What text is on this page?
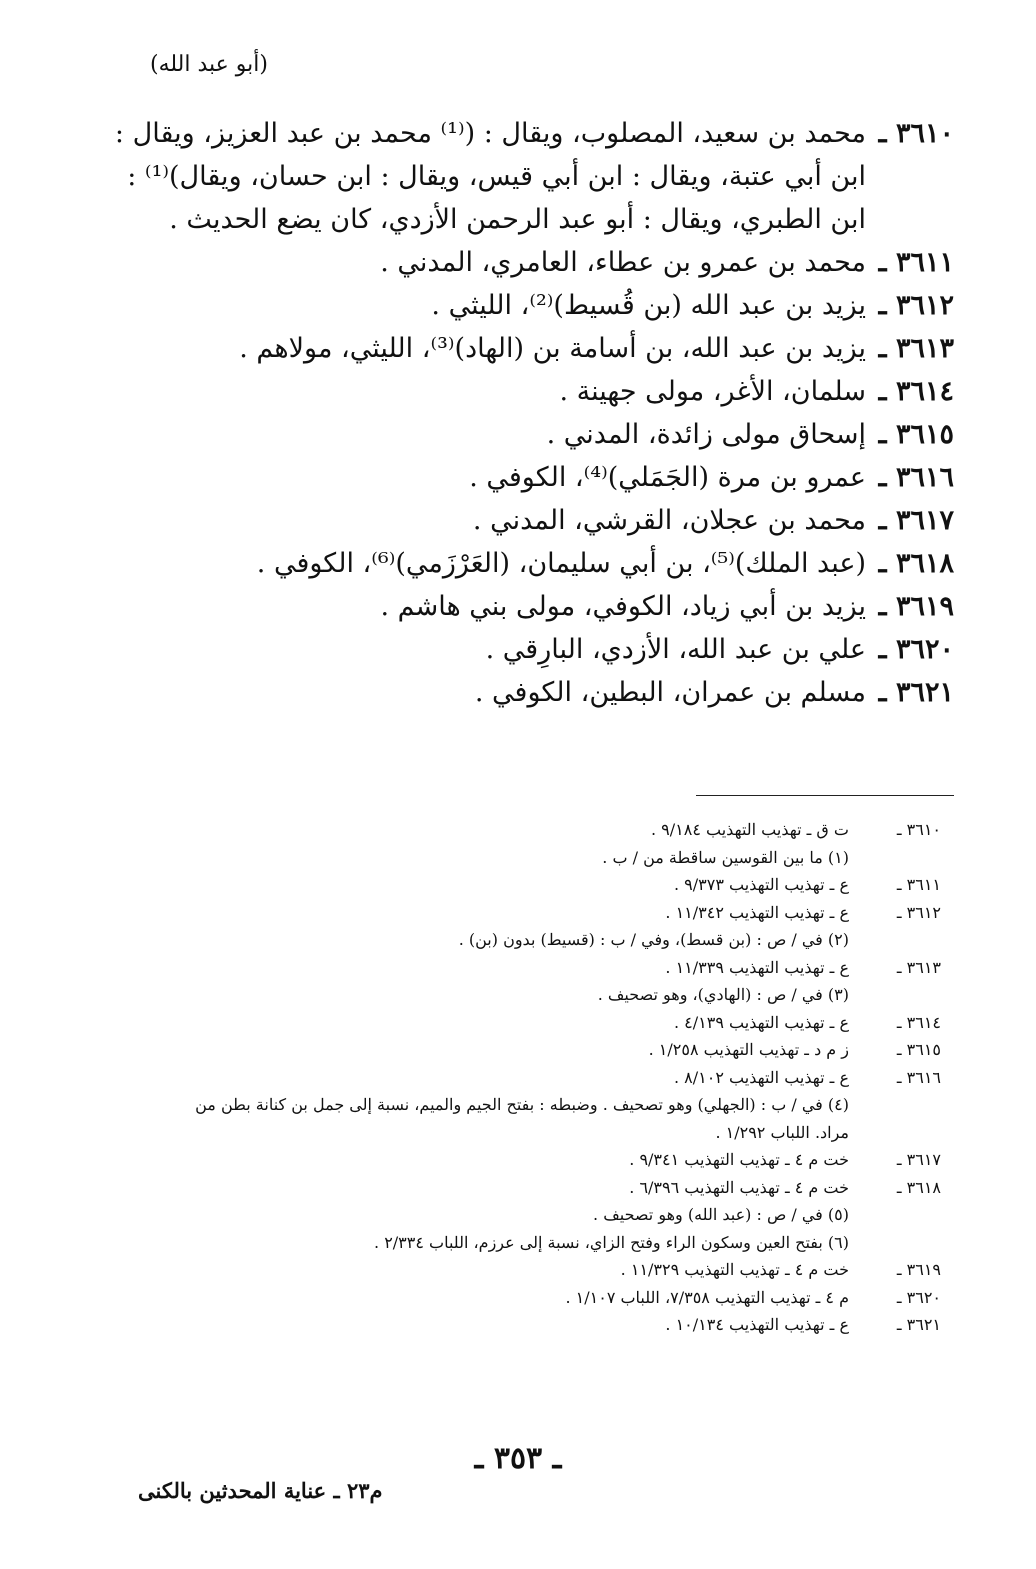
(أبو عبد الله)
٣٦١٠ ـ
محمد بن سعيد، المصلوب، ويقال : (⁽¹⁾ محمد بن عبد العزيز، ويقال :
ابن أبي عتبة، ويقال : ابن أبي قيس، ويقال : ابن حسان، ويقال)⁽¹⁾ :
ابن الطبري، ويقال : أبو عبد الرحمن الأزدي، كان يضع الحديث .
٣٦١١ ـ
محمد بن عمرو بن عطاء، العامري، المدني .
٣٦١٢ ـ
يزيد بن عبد الله (بن قُسيط)⁽²⁾، الليثي .
٣٦١٣ ـ
يزيد بن عبد الله، بن أسامة بن (الهاد)⁽³⁾، الليثي، مولاهم .
٣٦١٤ ـ
سلمان، الأغر، مولى جهينة .
٣٦١٥ ـ
إسحاق مولى زائدة، المدني .
٣٦١٦ ـ
عمرو بن مرة (الجَمَلي)⁽⁴⁾، الكوفي .
٣٦١٧ ـ
محمد بن عجلان، القرشي، المدني .
٣٦١٨ ـ
(عبد الملك)⁽⁵⁾، بن أبي سليمان، (العَرْزَمي)⁽⁶⁾، الكوفي .
٣٦١٩ ـ
يزيد بن أبي زياد، الكوفي، مولى بني هاشم .
٣٦٢٠ ـ
علي بن عبد الله، الأزدي، البارِقي .
٣٦٢١ ـ
مسلم بن عمران، البطين، الكوفي .
٣٦١٠ ـ
ت ق ـ تهذيب التهذيب ٩/١٨٤ .
(١) ما بين القوسين ساقطة من / ب .
٣٦١١ ـ
ع ـ تهذيب التهذيب ٩/٣٧٣ .
٣٦١٢ ـ
ع ـ تهذيب التهذيب ١١/٣٤٢ .
(٢) في / ص : (بن قسط)، وفي / ب : (قسيط) بدون (بن) .
٣٦١٣ ـ
ع ـ تهذيب التهذيب ١١/٣٣٩ .
(٣) في / ص : (الهادي)، وهو تصحيف .
٣٦١٤ ـ
ع ـ تهذيب التهذيب ٤/١٣٩ .
٣٦١٥ ـ
ز م د ـ تهذيب التهذيب ١/٢٥٨ .
٣٦١٦ ـ
ع ـ تهذيب التهذيب ٨/١٠٢ .
(٤) في / ب : (الجهلي) وهو تصحيف . وضبطه : بفتح الجيم والميم، نسبة إلى جمل بن كنانة بطن من
مراد. اللباب ١/٢٩٢ .
٣٦١٧ ـ
خت م ٤ ـ تهذيب التهذيب ٩/٣٤١ .
٣٦١٨ ـ
خت م ٤ ـ تهذيب التهذيب ٦/٣٩٦ .
(٥) في / ص : (عبد الله) وهو تصحيف .
(٦) بفتح العين وسكون الراء وفتح الزاي، نسبة إلى عرزم، اللباب ٢/٣٣٤ .
٣٦١٩ ـ
خت م ٤ ـ تهذيب التهذيب ١١/٣٢٩ .
٣٦٢٠ ـ
م ٤ ـ تهذيب التهذيب ٧/٣٥٨، اللباب ١/١٠٧ .
٣٦٢١ ـ
ع ـ تهذيب التهذيب ١٠/١٣٤ .
ـ ٣٥٣ ـ
م٢٣ ـ عناية المحدثين بالكنى
